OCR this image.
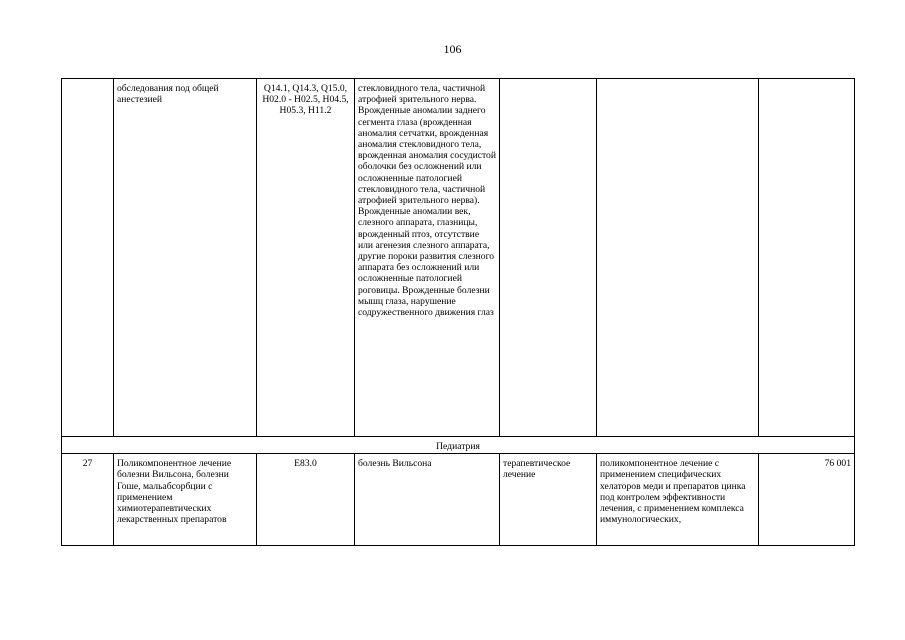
106
	обследования под общей анестезией	Q14.1, Q14.3, Q15.0, H02.0 - H02.5, H04.5, H05.3, H11.2	стекловидного тела, частичной атрофией зрительного нерва.
Врожденные аномалии заднего сегмента глаза (врожденная аномалия сетчатки, врожденная аномалия стекловидного тела, врожденная аномалия сосудистой оболочки без осложнений или осложненные патологией стекловидного тела, частичной атрофией зрительного нерва).
Врожденные аномалии век, слезного аппарата, глазницы, врожденный птоз, отсутствие или агенезия слезного аппарата, другие пороки развития слезного аппарата без осложнений или осложненные патологией роговицы. Врожденные болезни мышц глаза, нарушение содружественного движения глаз			

Педиатрия						
27	Поликомпонентное лечение болезни Вильсона, болезни Гоше, мальабсорбции с применением химиотерапевтических лекарственных препаратов	E83.0	болезнь Вильсона	терапевтическое лечение	поликомпонентное лечение с применением специфических хелаторов меди и препаратов цинка под контролем эффективности лечения, с применением комплекса иммунологических,	76 001
